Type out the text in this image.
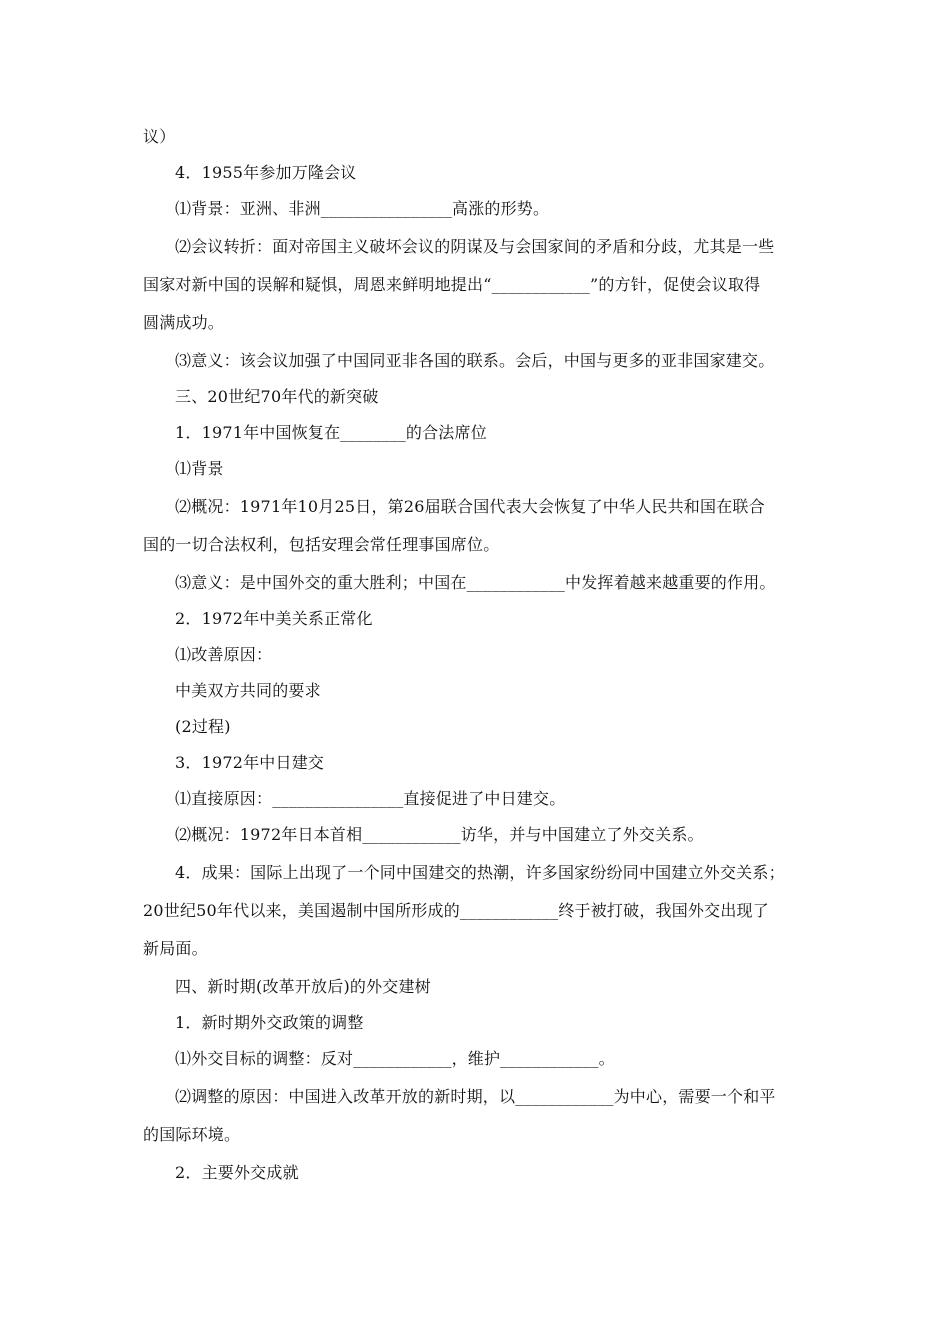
议）
4．1955年参加万隆会议
⑴背景：亚洲、非洲________________高涨的形势。
⑵会议转折：面对帝国主义破坏会议的阴谋及与会国家间的矛盾和分歧，尤其是一些
国家对新中国的误解和疑惧，周恩来鲜明地提出“____________”的方针，促使会议取得
圆满成功。
⑶意义：该会议加强了中国同亚非各国的联系。会后，中国与更多的亚非国家建交。
三、20世纪70年代的新突破
1．1971年中国恢复在________的合法席位
⑴背景
⑵概况：1971年10月25日，第26届联合国代表大会恢复了中华人民共和国在联合
国的一切合法权利，包括安理会常任理事国席位。
⑶意义：是中国外交的重大胜利；中国在____________中发挥着越来越重要的作用。
2．1972年中美关系正常化
⑴改善原因：
中美双方共同的要求
(2过程)
3．1972年中日建交
⑴直接原因：________________直接促进了中日建交。
⑵概况：1972年日本首相____________访华，并与中国建立了外交关系。
4．成果：国际上出现了一个同中国建交的热潮，许多国家纷纷同中国建立外交关系；
20世纪50年代以来，美国遏制中国所形成的____________终于被打破，我国外交出现了
新局面。
四、新时期(改革开放后)的外交建树
1．新时期外交政策的调整
⑴外交目标的调整：反对____________，维护____________。
⑵调整的原因：中国进入改革开放的新时期，以____________为中心，需要一个和平
的国际环境。
2．主要外交成就
